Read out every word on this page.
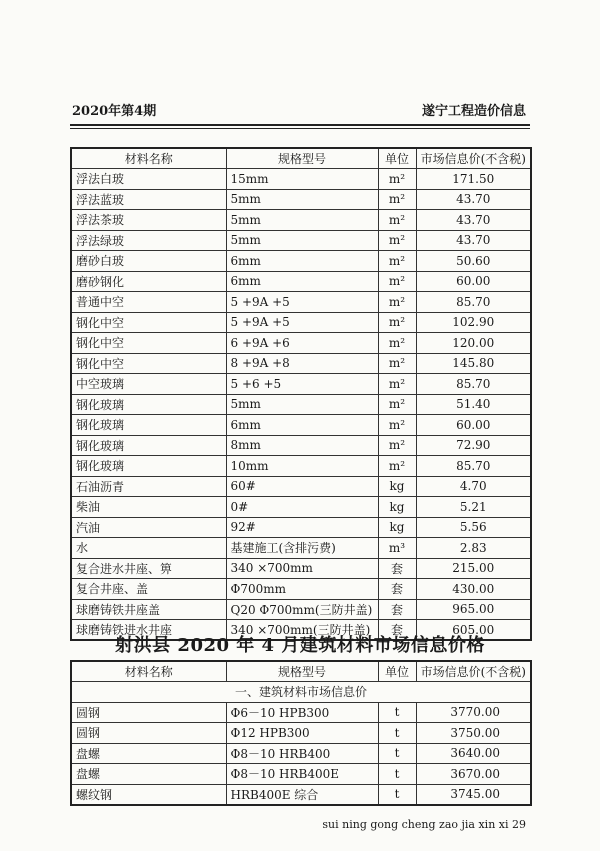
2020年第4期	遂宁工程造价信息
材料名称	规格型号	单位	市场信息价(不含税)
浮法白玻	15mm	m²	171.50
浮法蓝玻	5mm	m²	43.70
浮法茶玻	5mm	m²	43.70
浮法绿玻	5mm	m²	43.70
磨砂白玻	6mm	m²	50.60
磨砂钢化	6mm	m²	60.00
普通中空	5 +9A +5	m²	85.70
钢化中空	5 +9A +5	m²	102.90
钢化中空	6 +9A +6	m²	120.00
钢化中空	8 +9A +8	m²	145.80
中空玻璃	5 +6 +5	m²	85.70
钢化玻璃	5mm	m²	51.40
钢化玻璃	6mm	m²	60.00
钢化玻璃	8mm	m²	72.90
钢化玻璃	10mm	m²	85.70
石油沥青	60#	kg	4.70
柴油	0#	kg	5.21
汽油	92#	kg	5.56
水	基建施工(含排污费)	m³	2.83
复合进水井座、箅	340 ×700mm	套	215.00
复合井座、盖	Φ700mm	套	430.00
球磨铸铁井座盖	Q20 Φ700mm(三防井盖)	套	965.00
球磨铸铁进水井座	340 ×700mm(三防井盖)	套	605.00
射洪县 2020 年 4 月建筑材料市场信息价格
材料名称	规格型号	单位	市场信息价(不含税)
一、建筑材料市场信息价			
圆钢	Φ6－10 HPB300	t	3770.00
圆钢	Φ12 HPB300	t	3750.00
盘螺	Φ8－10 HRB400	t	3640.00
盘螺	Φ8－10 HRB400E	t	3670.00
螺纹钢	HRB400E 综合	t	3745.00
sui ning gong cheng zao jia xin xi 29
